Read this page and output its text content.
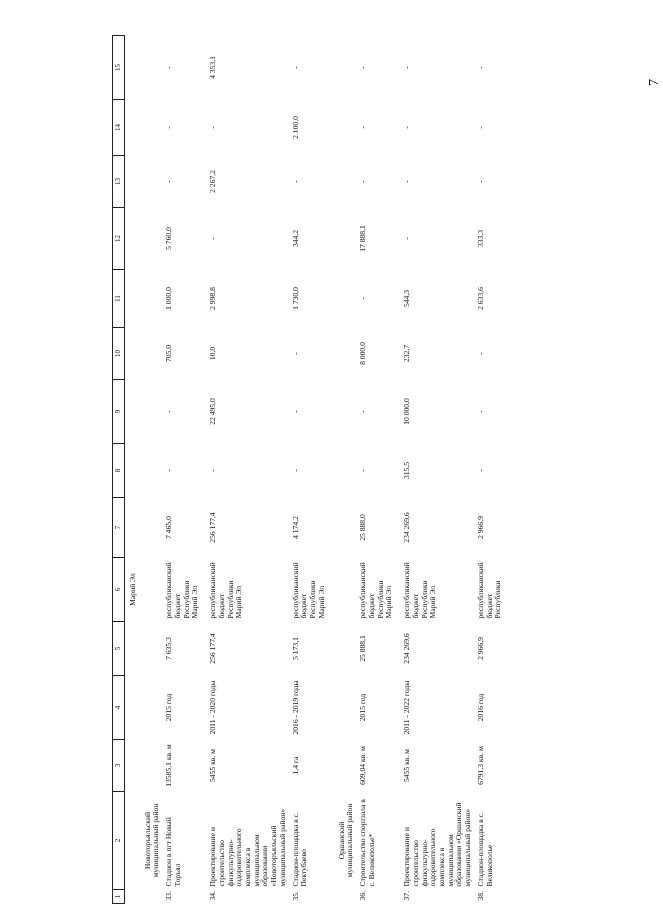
7
1	2	3	4	5	6	7	8	9	10	11	12	13	14	15
					Марий Эл									
	Новоторъяльский муниципальный район													
33.	Стадион в пгт Новый Торъял	13585,1 кв. м	2015 год	7 635,3	республиканский бюджет Республики Марий Эл	7 465,0	-	-	705,0	1 000,0	5 760,0	-	-	-
34.	Проектирование и строительство физкультурно-оздоровительного комплекса в муниципальном образовании «Новоторъяльский муниципальный район»	5455 кв. м	2011 - 2020 годы	256 177,4	республиканский бюджет Республики Марий Эл	256 177,4	-	22 495,0	10,0	2 998,8	-	2 267,2	-	4 353,1
35.	Стадион-площадка в с. Пектубаево	1,4 га	2016 - 2019 годы	5 173,1	республиканский бюджет Республики Марий Эл	4 174,2	-	-	-	1 730,0	344,2	-	2 100,0	-
	Оршанский муниципальный район													
36.	Строительство спортзала в с. Великополье*	609,04 кв. м	2015 год	25 888,1	республиканский бюджет Республики Марий Эл	25 888,0	-	-	8 000,0	-	17 888,1	-	-	-
37.	Проектирование и строительство физкультурно-оздоровительного комплекса в муниципальном образовании «Оршанский муниципальный район»	5455 кв. м	2011 - 2022 годы	234 269,6	республиканский бюджет Республики Марий Эл	234 269,6	315,5	10 000,0	232,7	544,3	-	-	-	-
38.	Стадион-площадка в с. Великополье	6791,3 кв. м	2016 год	2 966,9	республиканский бюджет Республики	2 966,9	-	-	-	2 633,6	333,3	-	-	-
